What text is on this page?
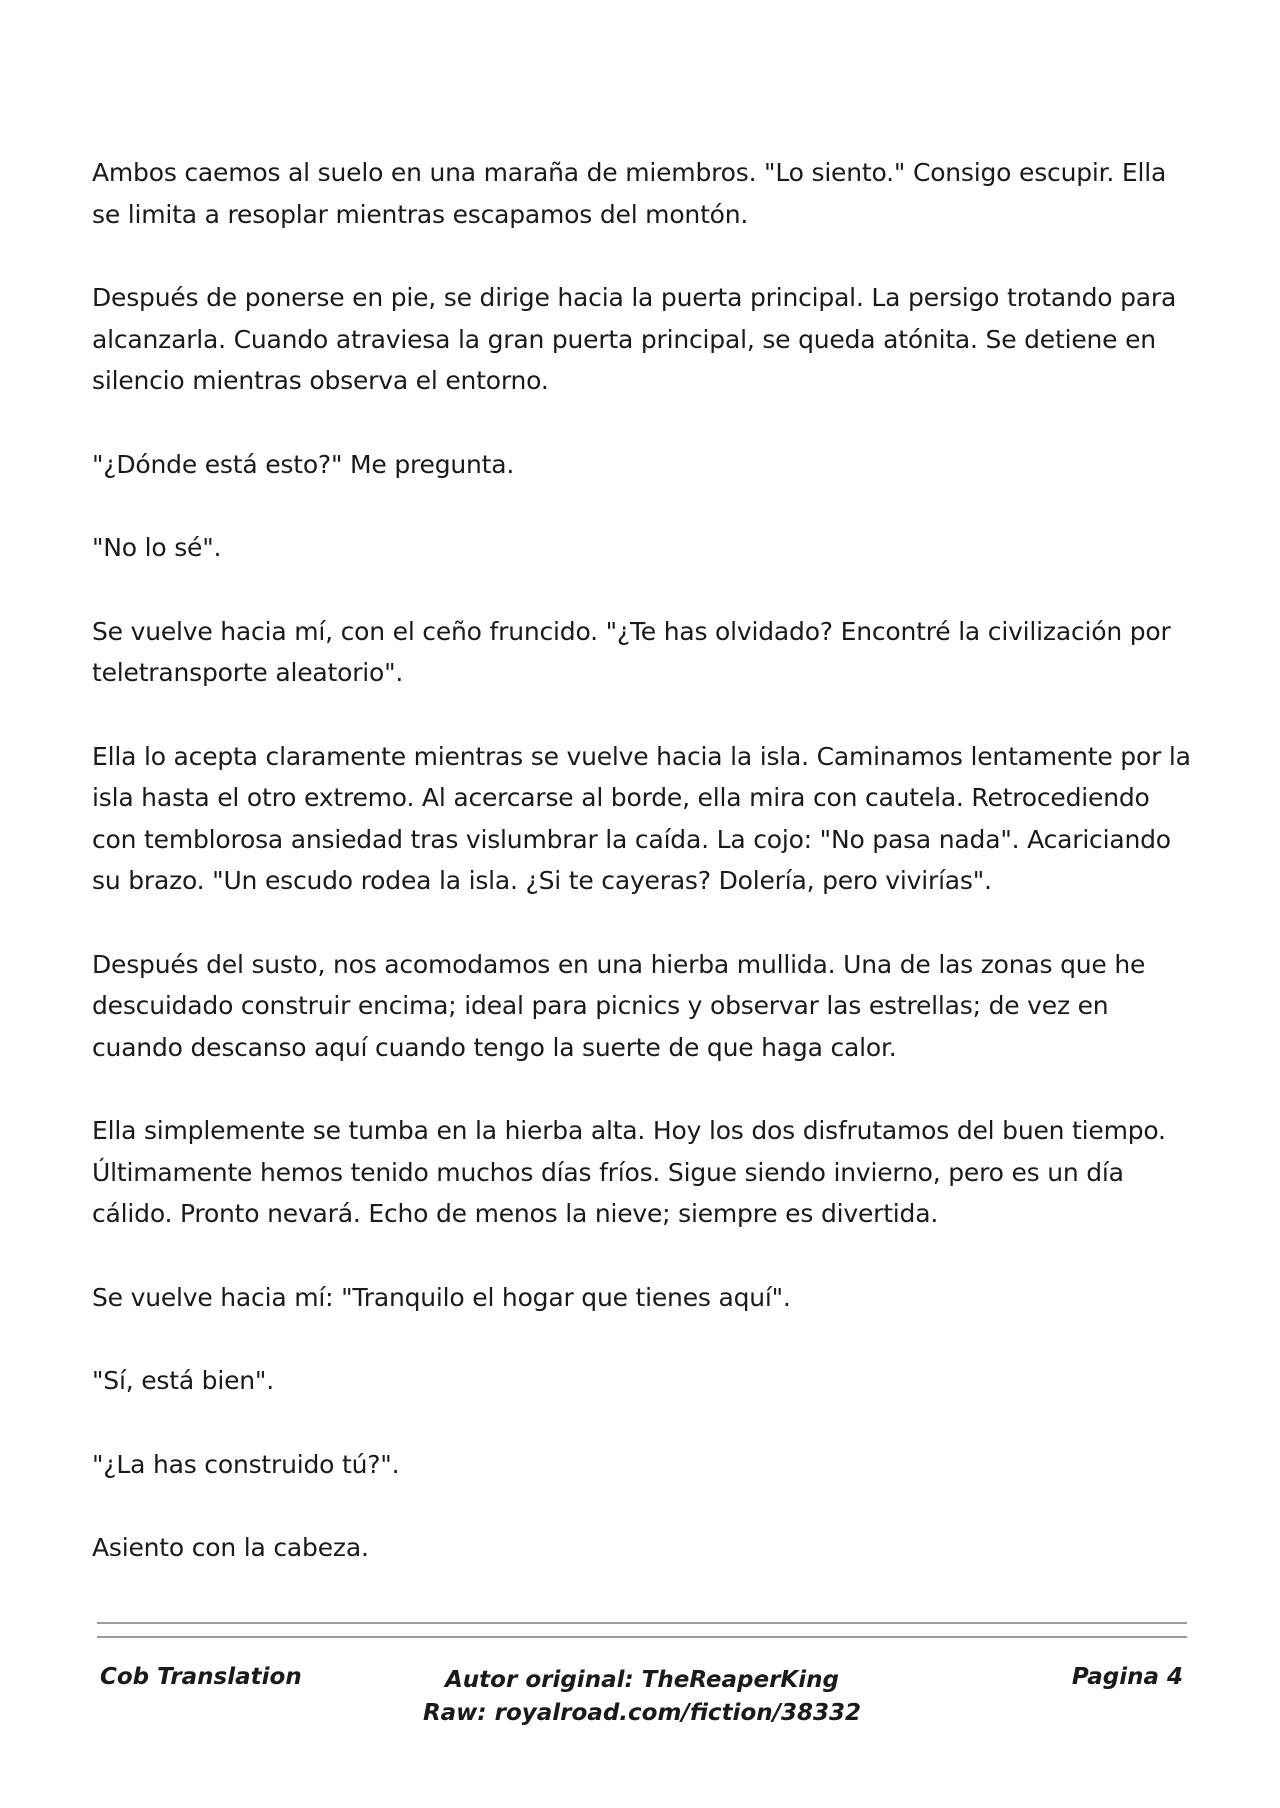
Ambos caemos al suelo en una maraña de miembros. "Lo siento." Consigo escupir. Ella se limita a resoplar mientras escapamos del montón.

Después de ponerse en pie, se dirige hacia la puerta principal. La persigo trotando para alcanzarla. Cuando atraviesa la gran puerta principal, se queda atónita. Se detiene en silencio mientras observa el entorno.

"¿Dónde está esto?" Me pregunta.

"No lo sé".

Se vuelve hacia mí, con el ceño fruncido. "¿Te has olvidado? Encontré la civilización por teletransporte aleatorio".

Ella lo acepta claramente mientras se vuelve hacia la isla. Caminamos lentamente por la isla hasta el otro extremo. Al acercarse al borde, ella mira con cautela. Retrocediendo con temblorosa ansiedad tras vislumbrar la caída. La cojo: "No pasa nada". Acariciando su brazo. "Un escudo rodea la isla. ¿Si te cayeras? Dolería, pero vivirías".

Después del susto, nos acomodamos en una hierba mullida. Una de las zonas que he descuidado construir encima; ideal para picnics y observar las estrellas; de vez en cuando descanso aquí cuando tengo la suerte de que haga calor.

Ella simplemente se tumba en la hierba alta. Hoy los dos disfrutamos del buen tiempo. Últimamente hemos tenido muchos días fríos. Sigue siendo invierno, pero es un día cálido. Pronto nevará. Echo de menos la nieve; siempre es divertida.

Se vuelve hacia mí: "Tranquilo el hogar que tienes aquí".

"Sí, está bien".

"¿La has construido tú?".

Asiento con la cabeza.

Cob Translation	Autor original: TheReaperKing
Raw: royalroad.com/fiction/38332
Pagina 4
